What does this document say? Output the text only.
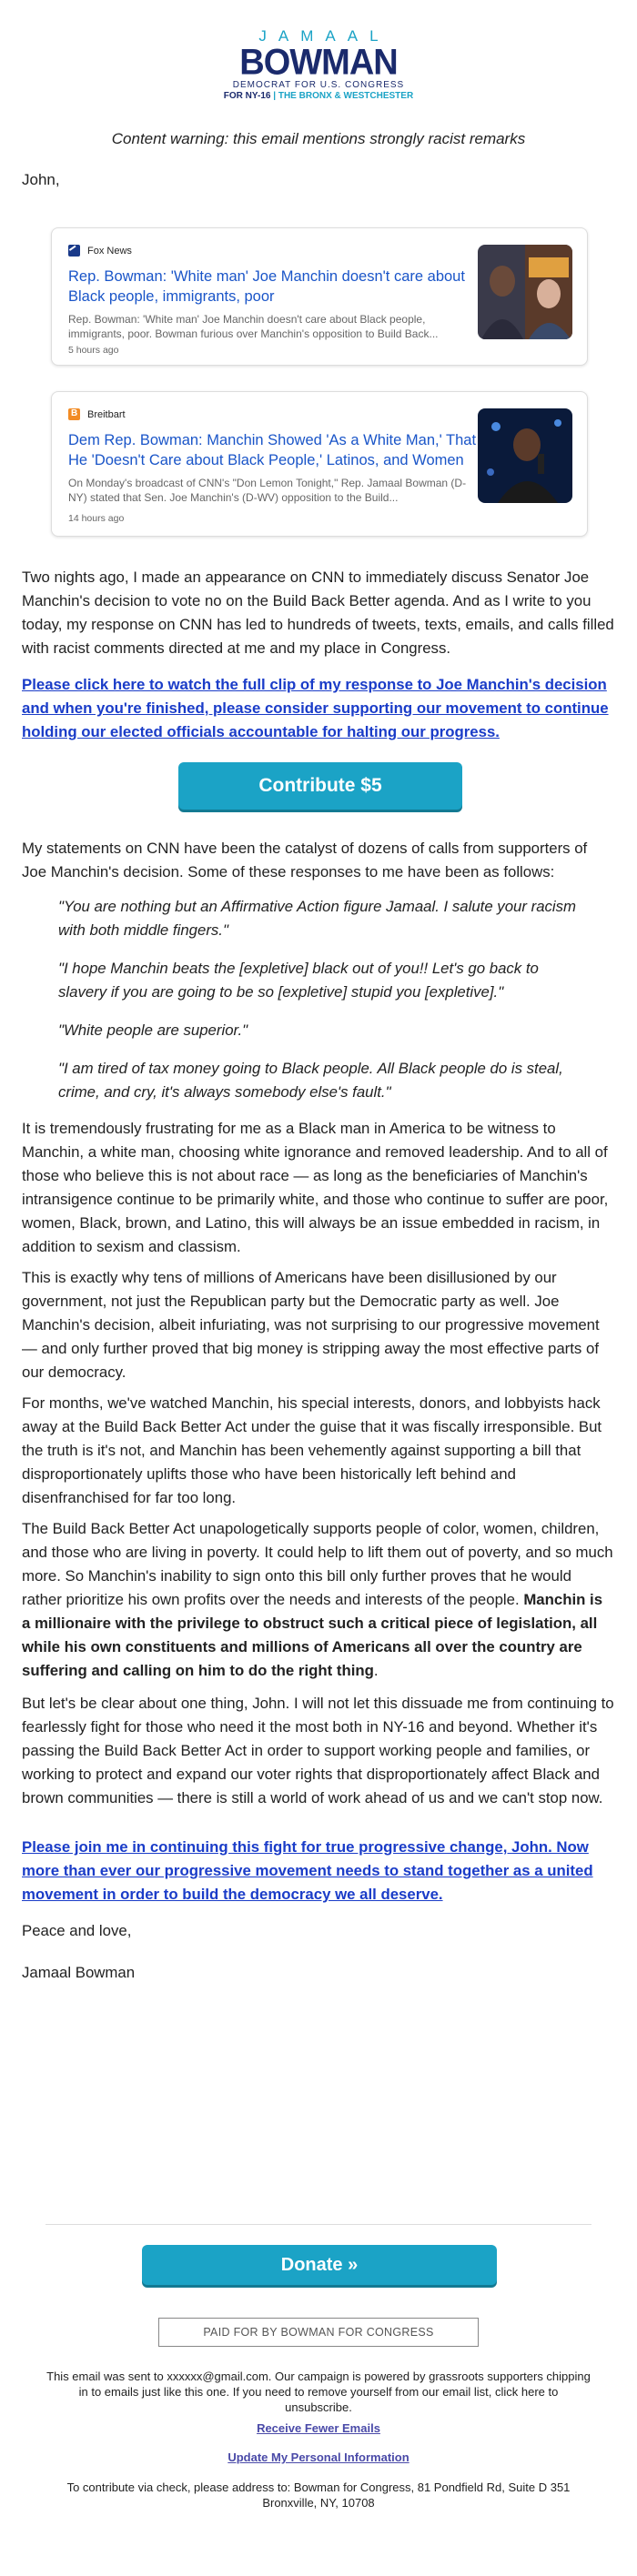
JAMAAL
BOWMAN
DEMOCRAT FOR U.S. CONGRESS
FOR NY-16 | THE BRONX & WESTCHESTER
Content warning: this email mentions strongly racist remarks
John,
Fox News
Rep. Bowman: 'White man' Joe Manchin doesn't care about Black people, immigrants, poor
Rep. Bowman: 'White man' Joe Manchin doesn't care about Black people, immigrants, poor. Bowman furious over Manchin's opposition to Build Back...
5 hours ago
B
Breitbart
Dem Rep. Bowman: Manchin Showed 'As a White Man,' That He 'Doesn't Care about Black People,' Latinos, and Women
On Monday's broadcast of CNN's "Don Lemon Tonight," Rep. Jamaal Bowman (D-NY) stated that Sen. Joe Manchin's (D-WV) opposition to the Build...
14 hours ago
Two nights ago, I made an appearance on CNN to immediately discuss Senator Joe Manchin's decision to vote no on the Build Back Better agenda. And as I write to you today, my response on CNN has led to hundreds of tweets, texts, emails, and calls filled with racist comments directed at me and my place in Congress.
Please click here to watch the full clip of my response to Joe Manchin's decision and when you're finished, please consider supporting our movement to continue holding our elected officials accountable for halting our progress.
Contribute $5
My statements on CNN have been the catalyst of dozens of calls from supporters of Joe Manchin's decision. Some of these responses to me have been as follows:
"You are nothing but an Affirmative Action figure Jamaal. I salute your racism with both middle fingers."
"I hope Manchin beats the [expletive] black out of you!! Let's go back to slavery if you are going to be so [expletive] stupid you [expletive]."
"White people are superior."
"I am tired of tax money going to Black people. All Black people do is steal, crime, and cry, it's always somebody else's fault."
It is tremendously frustrating for me as a Black man in America to be witness to Manchin, a white man, choosing white ignorance and removed leadership. And to all of those who believe this is not about race — as long as the beneficiaries of Manchin's intransigence continue to be primarily white, and those who continue to suffer are poor, women, Black, brown, and Latino, this will always be an issue embedded in racism, in addition to sexism and classism.
This is exactly why tens of millions of Americans have been disillusioned by our government, not just the Republican party but the Democratic party as well. Joe Manchin's decision, albeit infuriating, was not surprising to our progressive movement — and only further proved that big money is stripping away the most effective parts of our democracy.
For months, we've watched Manchin, his special interests, donors, and lobbyists hack away at the Build Back Better Act under the guise that it was fiscally irresponsible. But the truth is it's not, and Manchin has been vehemently against supporting a bill that disproportionately uplifts those who have been historically left behind and disenfranchised for far too long.
The Build Back Better Act unapologetically supports people of color, women, children, and those who are living in poverty. It could help to lift them out of poverty, and so much more. So Manchin's inability to sign onto this bill only further proves that he would rather prioritize his own profits over the needs and interests of the people. Manchin is a millionaire with the privilege to obstruct such a critical piece of legislation, all while his own constituents and millions of Americans all over the country are suffering and calling on him to do the right thing.
But let's be clear about one thing, John. I will not let this dissuade me from continuing to fearlessly fight for those who need it the most both in NY-16 and beyond. Whether it's passing the Build Back Better Act in order to support working people and families, or working to protect and expand our voter rights that disproportionately affect Black and brown communities — there is still a world of work ahead of us and we can't stop now.
Please join me in continuing this fight for true progressive change, John. Now more than ever our progressive movement needs to stand together as a united movement in order to build the democracy we all deserve.
Peace and love,
Jamaal Bowman
Donate »
PAID FOR BY BOWMAN FOR CONGRESS
This email was sent to xxxxxx@gmail.com. Our campaign is powered by grassroots supporters chipping in to emails just like this one. If you need to remove yourself from our email list, click here to unsubscribe.
Receive Fewer Emails
Update My Personal Information
To contribute via check, please address to: Bowman for Congress, 81 Pondfield Rd, Suite D 351 Bronxville, NY, 10708
